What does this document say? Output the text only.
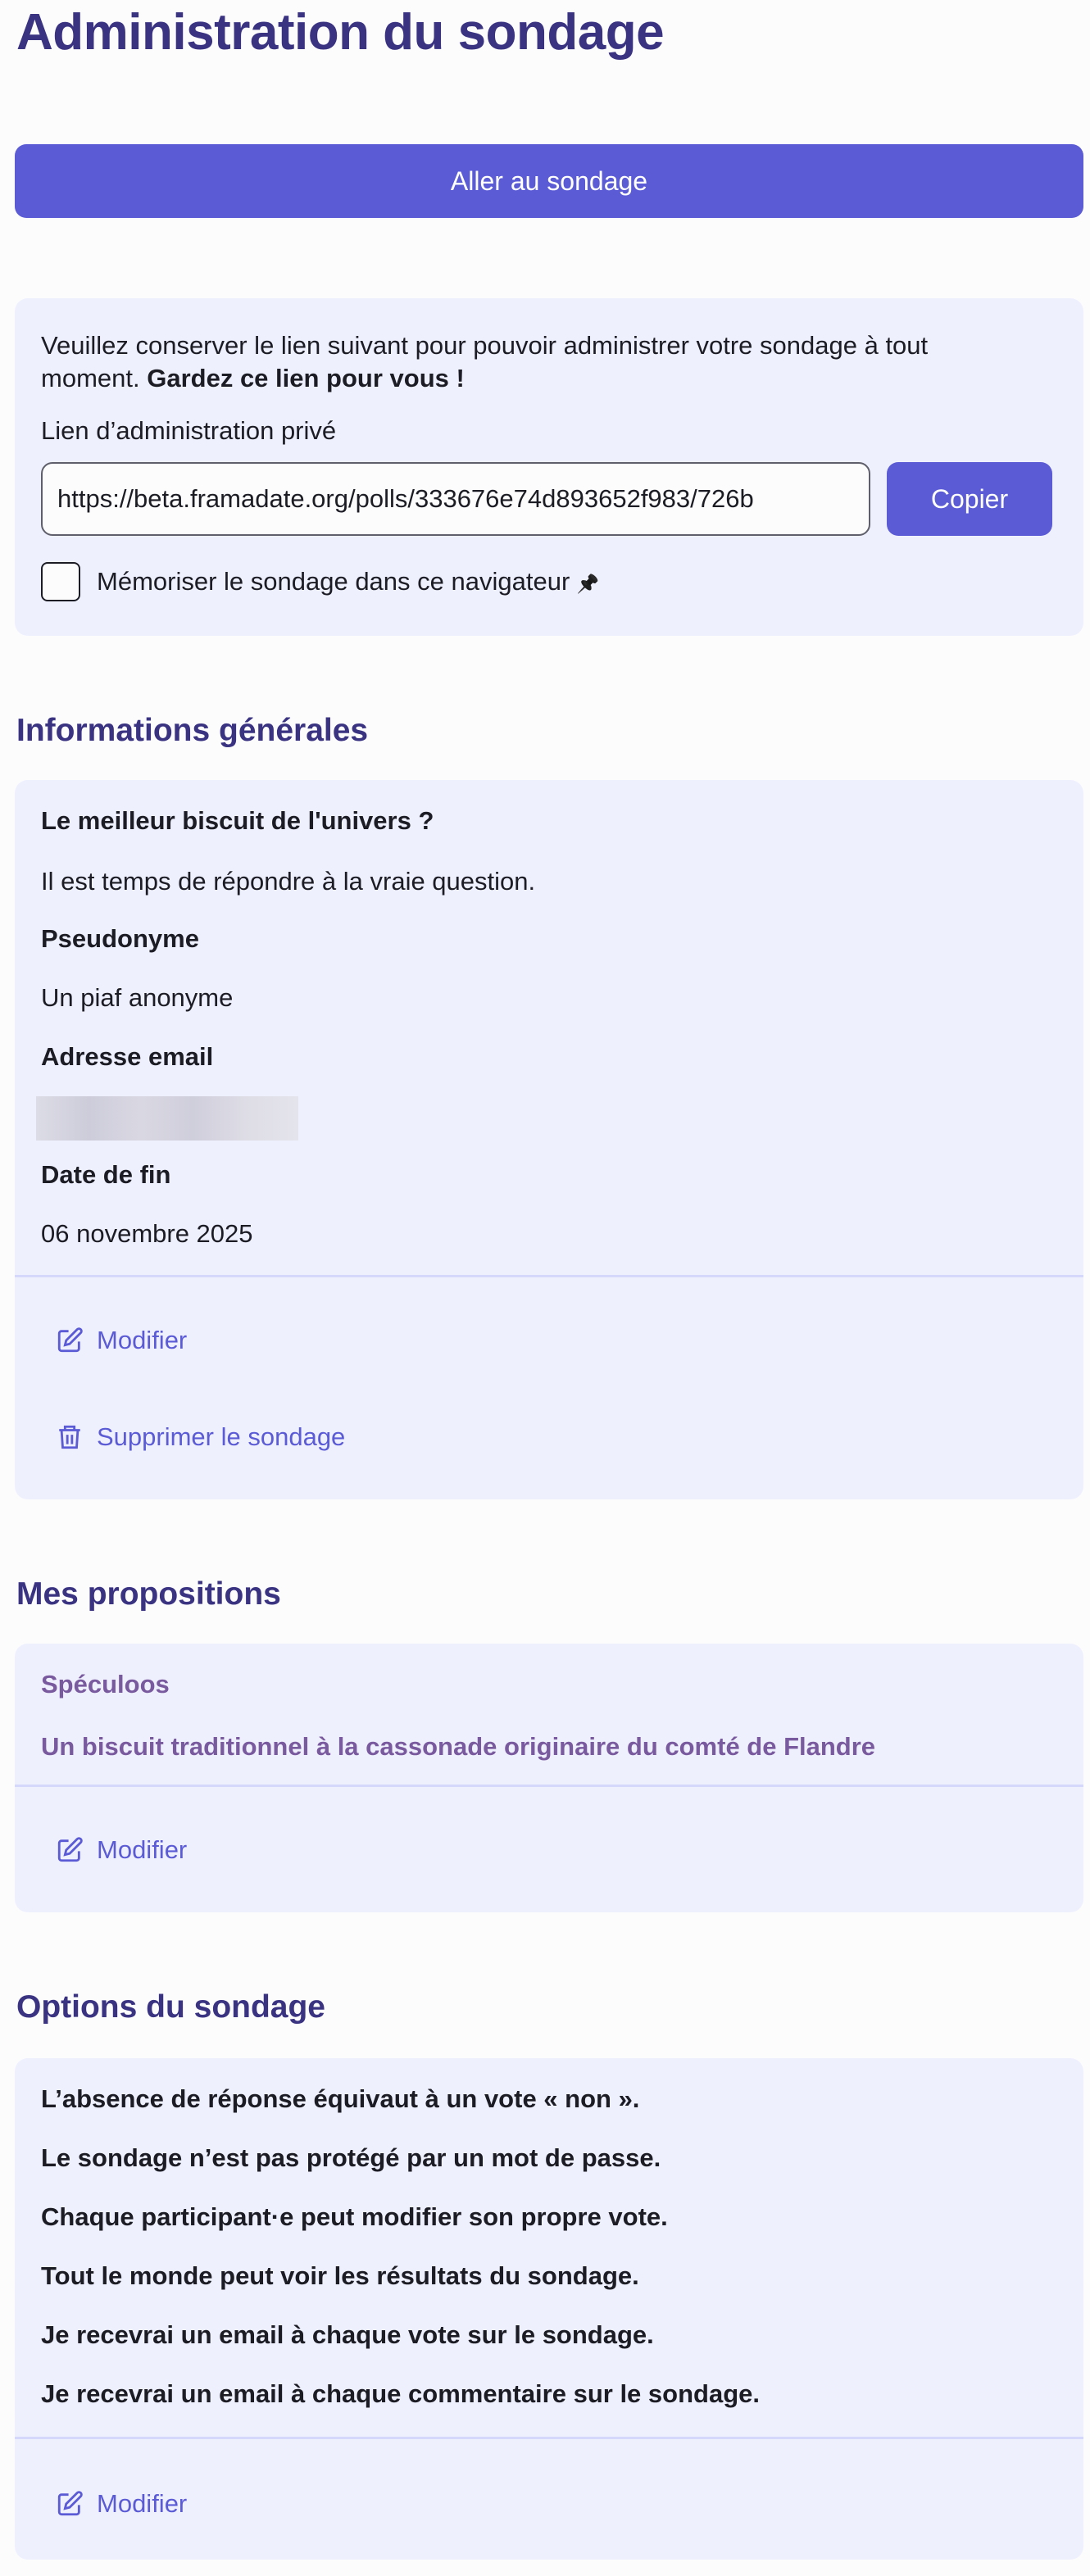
Administration du sondage
Aller au sondage
Veuillez conserver le lien suivant pour pouvoir administrer votre sondage à tout
moment. Gardez ce lien pour vous !
Lien d’administration privé
https://beta.framadate.org/polls/333676e74d893652f983/726b	Copier
Mémoriser le sondage dans ce navigateur 📌
Informations générales
Le meilleur biscuit de l'univers ?
Il est temps de répondre à la vraie question.
Pseudonyme
Un piaf anonyme
Adresse email
Date de fin
06 novembre 2025
Modifier
Supprimer le sondage
Mes propositions
Spéculoos
Un biscuit traditionnel à la cassonade originaire du comté de Flandre
Modifier
Options du sondage
L’absence de réponse équivaut à un vote « non ».
Le sondage n’est pas protégé par un mot de passe.
Chaque participant·e peut modifier son propre vote.
Tout le monde peut voir les résultats du sondage.
Je recevrai un email à chaque vote sur le sondage.
Je recevrai un email à chaque commentaire sur le sondage.
Modifier
